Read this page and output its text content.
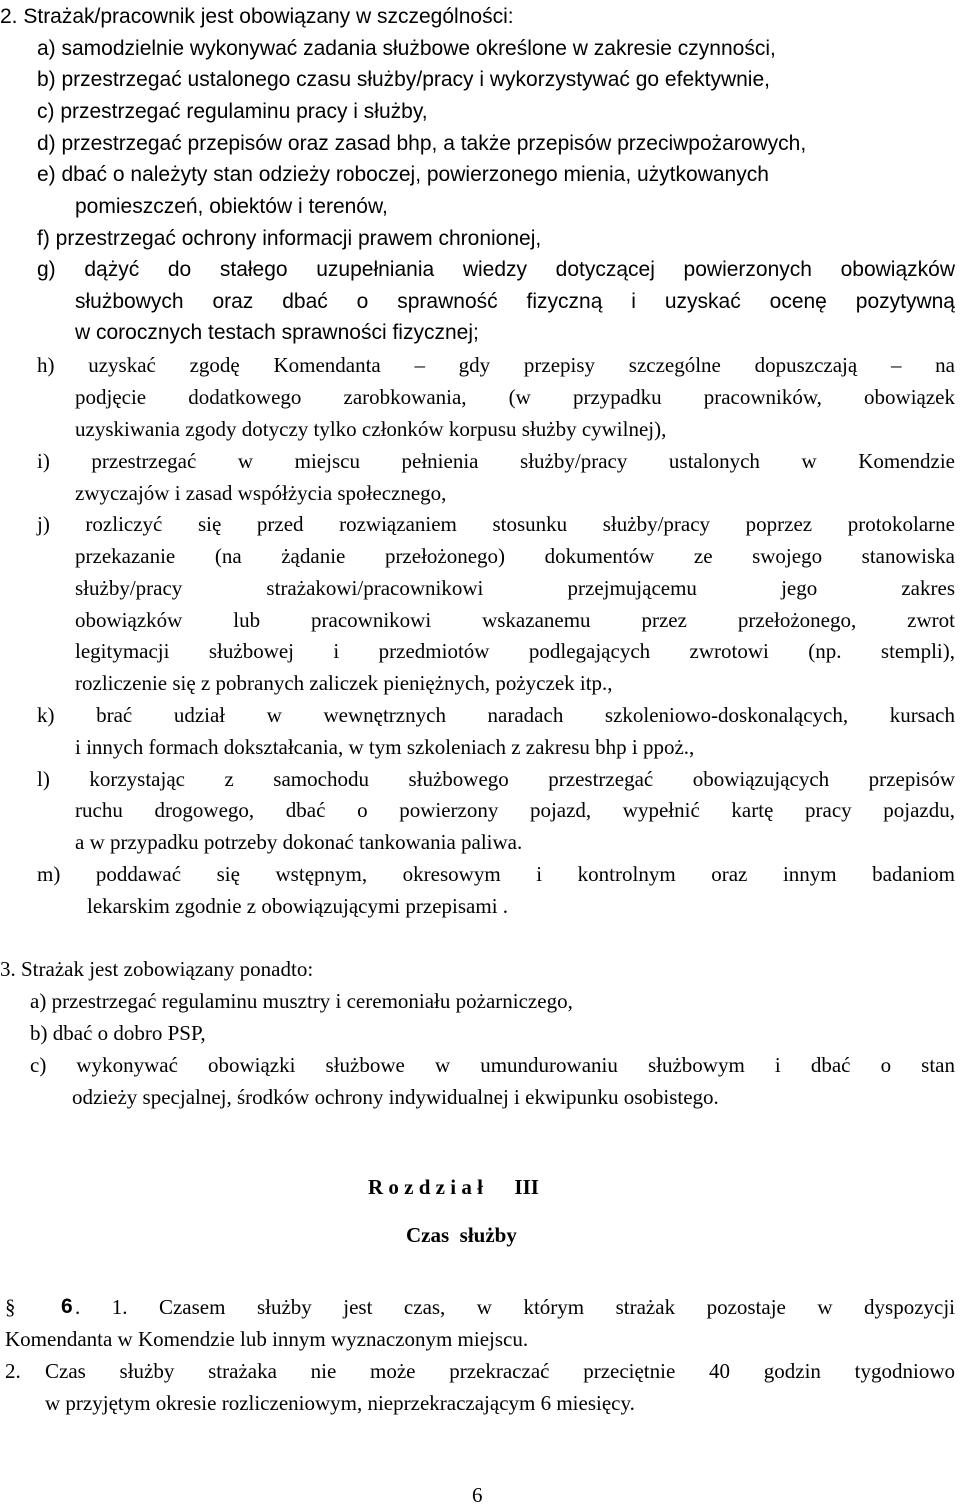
2. Strażak/pracownik jest obowiązany w szczególności:
a) samodzielnie wykonywać zadania służbowe określone w zakresie czynności,
b) przestrzegać ustalonego czasu służby/pracy i wykorzystywać go efektywnie,
c) przestrzegać regulaminu pracy i służby,
d) przestrzegać przepisów oraz zasad bhp, a także przepisów przeciwpożarowych,
e) dbać o należyty stan odzieży roboczej, powierzonego mienia, użytkowanych
pomieszczeń, obiektów i terenów,
f) przestrzegać ochrony informacji prawem chronionej,
g) dążyć do stałego uzupełniania wiedzy dotyczącej powierzonych obowiązków
służbowych oraz dbać o sprawność fizyczną i uzyskać ocenę pozytywną
w corocznych testach sprawności fizycznej;
h) uzyskać zgodę Komendanta – gdy przepisy szczególne dopuszczają – na
podjęcie dodatkowego zarobkowania, (w przypadku pracowników, obowiązek
uzyskiwania zgody dotyczy tylko członków korpusu służby cywilnej),
i) przestrzegać w miejscu pełnienia służby/pracy ustalonych w Komendzie
zwyczajów i zasad współżycia społecznego,
j) rozliczyć się przed rozwiązaniem stosunku służby/pracy poprzez protokolarne
przekazanie (na żądanie przełożonego) dokumentów ze swojego stanowiska
służby/pracy strażakowi/pracownikowi przejmującemu jego zakres
obowiązków lub pracownikowi wskazanemu przez przełożonego, zwrot
legitymacji służbowej i przedmiotów podlegających zwrotowi (np. stempli),
rozliczenie się z pobranych zaliczek pieniężnych, pożyczek itp.,
k) brać udział w wewnętrznych naradach szkoleniowo-doskonalących, kursach
i innych formach dokształcania, w tym szkoleniach z zakresu bhp i ppoż.,
l) korzystając z samochodu służbowego przestrzegać obowiązujących przepisów
ruchu drogowego, dbać o powierzony pojazd, wypełnić kartę pracy pojazdu,
a w przypadku potrzeby dokonać tankowania paliwa.
m) poddawać się wstępnym, okresowym i kontrolnym oraz innym badaniom
lekarskim zgodnie z obowiązującymi przepisami .
3. Strażak jest zobowiązany ponadto:
a) przestrzegać regulaminu musztry i ceremoniału pożarniczego,
b) dbać o dobro PSP,
c) wykonywać obowiązki służbowe w umundurowaniu służbowym i dbać o stan
odzieży specjalnej, środków ochrony indywidualnej i ekwipunku osobistego.
R o z d z i a ł      III
Czas  służby
§ 6 . 1. Czasem służby jest czas, w którym strażak pozostaje w dyspozycji
Komendanta w Komendzie lub innym wyznaczonym miejscu.
2. Czas służby strażaka nie może przekraczać przeciętnie 40 godzin tygodniowo
w przyjętym okresie rozliczeniowym, nieprzekraczającym 6 miesięcy.
6
